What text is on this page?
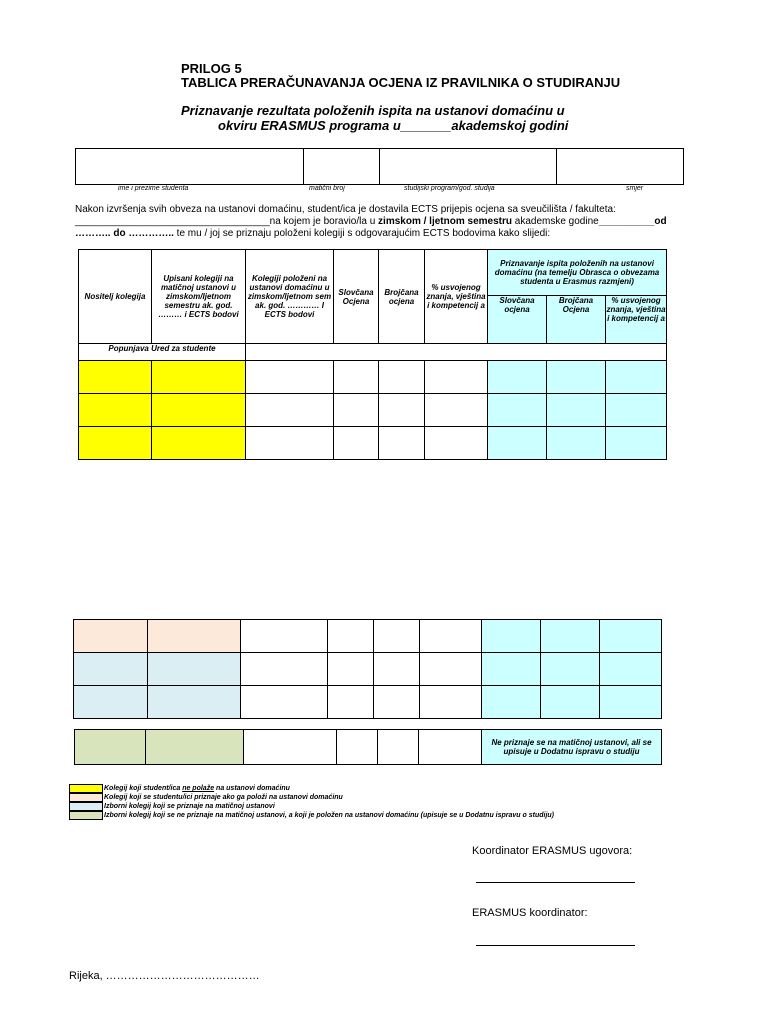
PRILOG 5
TABLICA PRERAČUNAVANJA OCJENA IZ PRAVILNIKA O STUDIRANJU
Priznavanje rezultata položenih ispita na ustanovi domaćinu u
okviru ERASMUS programa u_______akademskoj godini

ime i prezime studenta	matični broj	studijski program/god. studija	smjer
Nakon izvršenja svih obveza na ustanovi domaćinu, student/ica je dostavila ECTS prijepis ocjena sa sveučilišta / fakulteta:
___________________________________na kojem je boravio/la u zimskom / ljetnom semestru akademske godine__________od
……….. do ………….. te mu / joj se priznaju položeni kolegiji s odgovarajućim ECTS bodovima kako slijedi:
Nositelj kolegija	Upisani kolegiji na matičnoj ustanovi u zimskom/ljetnom semestru ak. god. ……… i ECTS bodovi	Kolegiji položeni na ustanovi domaćinu u zimskom/ljetnom sem ak. god. ………… I ECTS bodovi	Slovčana Ocjena	Brojčana ocjena	% usvojenog znanja, vještina i kompetencij a	Priznavanje ispita položenih na ustanovi domaćinu (na temelju Obrasca o obvezama studenta u Erasmus razmjeni)		
						Slovčana ocjena	Brojčana Ocjena	% usvojenog znanja, vještina i kompetencij a
Popunjava Ured za studente								

						Ne priznaje se na matičnoj ustanovi, ali se upisuje u Dodatnu ispravu o studiju
Kolegij koji student/ica ne polaže na ustanovi domaćinu
Kolegij koji se studentu/ici priznaje ako ga položi na ustanovi domaćinu
Izborni kolegij koji se priznaje na matičnoj ustanovi
Izborni kolegij koji se ne priznaje na matičnoj ustanovi, a koji je položen na ustanovi domaćinu (upisuje se u Dodatnu ispravu o studiju)
Koordinator ERASMUS ugovora:
ERASMUS koordinator:
Rijeka, ……………………………………
